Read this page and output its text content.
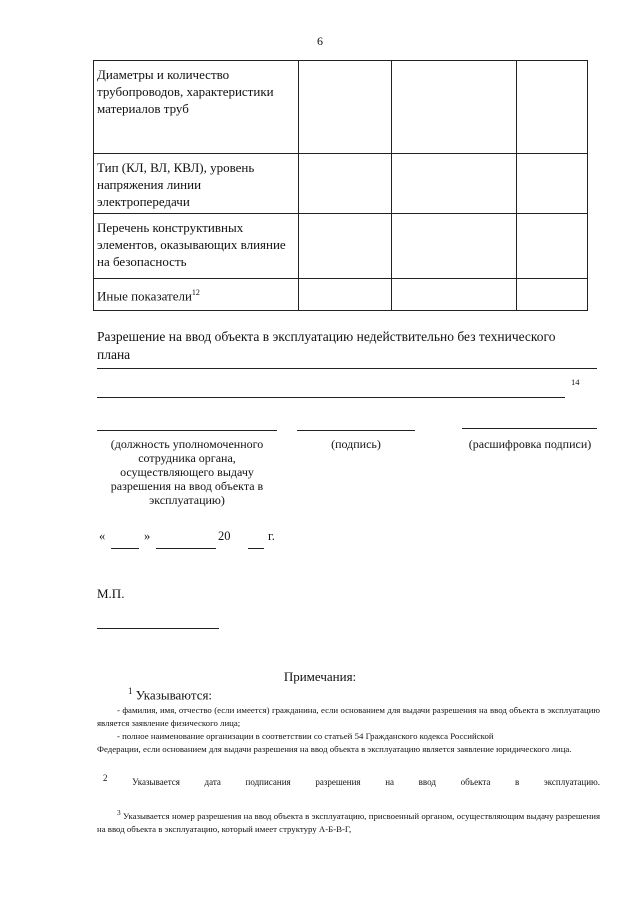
6
Диаметры и количество трубопроводов, характеристики материалов труб			
Тип (КЛ, ВЛ, КВЛ), уровень напряжения линии электропередачи			
Перечень конструктивных элементов, оказывающих влияние на безопасность			
Иные показатели$^{12}$			
Разрешение на ввод объекта в эксплуатацию недействительно без технического плана
14
(должность уполномоченного сотрудника органа, осуществляющего выдачу разрешения на ввод объекта в эксплуатацию)
(подпись)	(расшифровка подписи)
«	»	20	г.
М.П.
Примечания:
$^1$ Указываются:
- фамилия, имя, отчество (если имеется) гражданина, если основанием для выдачи разрешения на ввод объекта в эксплуатацию является заявление физического лица;
- полное наименование организации в соответствии со статьей 54 Гражданского кодекса Российской
Федерации, если основанием для выдачи разрешения на ввод объекта в эксплуатацию является заявление юридического лица.
$^2$	Указывается дата подписания разрешения на ввод объекта в эксплуатацию.
$^3$ Указывается номер разрешения на ввод объекта в эксплуатацию, присвоенный органом, осуществляющим выдачу разрешения на ввод объекта в эксплуатацию, который имеет структуру А-Б-В-Г,
